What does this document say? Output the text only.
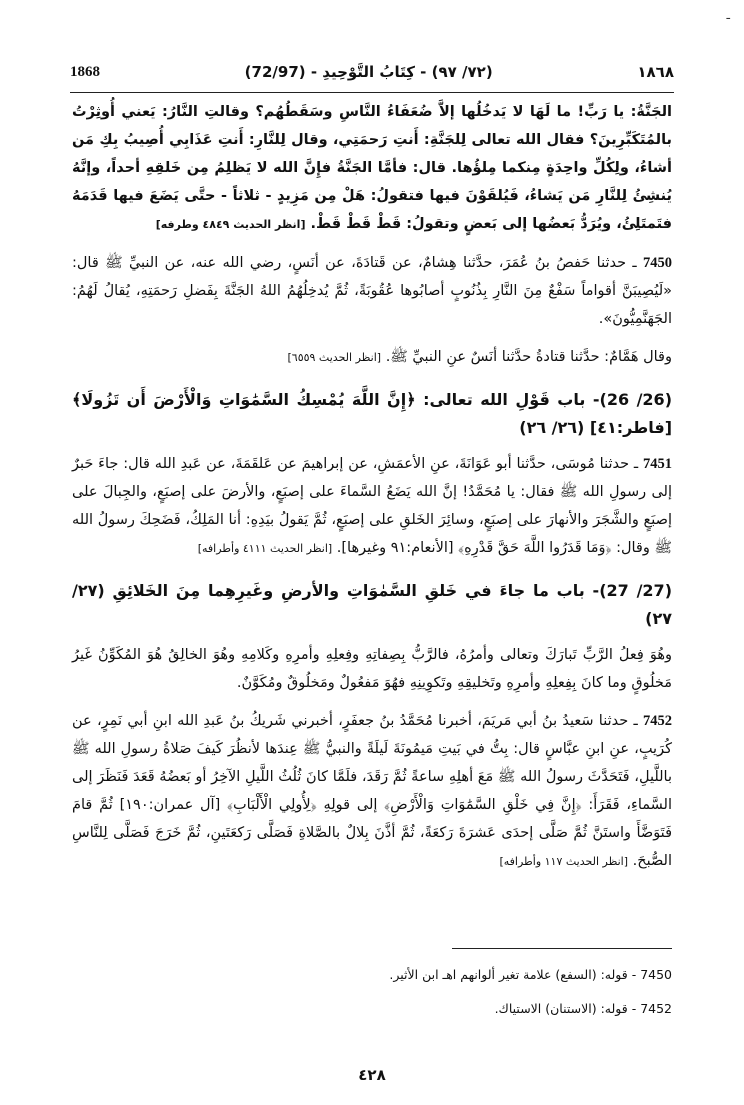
ـ
1868	(٧٢/ ٩٧) - كِتَابُ التَّوْحِيدِ - (72/97)	١٨٦٨

الجَنَّةُ: يا رَبِّ! ما لَهَا لا يَدخُلُها إلاَّ ضُعَفَاءُ النَّاسِ وسَقَطُهُم؟ وقالتِ النَّارُ: يَعني أُوثِرْتُ بالمُتَكَبِّرِينَ؟ فقال الله تعالى لِلجَنَّةِ: أَنتِ رَحمَتِي، وقال لِلنَّارِ: أَنتِ عَذَابِي أُصِيبُ بِكِ مَن أشاءُ، ولِكُلِّ واحِدَةٍ مِنكما مِلؤُها. قال: فأمَّا الجَنَّةُ فإِنَّ الله لا يَظلِمُ مِن خَلقِهِ أحداً، وإنَّهُ يُنشِئُ لِلنَّارِ مَن يَشاءُ، فَيُلقَوْنَ فيها فتقولُ: هَلْ مِن مَزِيدٍ - ثلاثاً - حتَّى يَضَعَ فيها قَدَمَهُ فتَمتَلِئُ، ويُرَدُّ بَعضُها إلى بَعضٍ وتقولُ: قَطْ قَطْ قَطْ. [انظر الحديث ٤٨٤٩ وطرفه]

7450 ـ حدثنا حَفصُ بنُ عُمَرَ، حدَّثنا هِشامٌ، عن قَتادَةَ، عن أنَسٍ، رضي الله عنه، عن النبيِّ ﷺ قال: «لَيُصِيبَنَّ أقواماً سَفْعٌ مِنَ النَّارِ بِذُنُوبٍ أصابُوها عُقُوبَةً، ثُمَّ يُدخِلُهُمُ اللهُ الجَنَّةَ بِفَضلِ رَحمَتِهِ، يُقالُ لَهُمُ: الجَهَنَّمِيُّونَ».

وقال هَمَّامٌ: حدَّثنا قتادةُ حدَّثنا أنَسٌ عنِ النبيِّ ﷺ. [انظر الحديث ٦٥٥٩]

(26/ 26)- باب قَوْلِ الله تعالى: ﴿إِنَّ اللَّهَ يُمْسِكُ السَّمَٰوَاتِ وَالْأَرْضَ أَن تَزُولَا﴾ [فاطر:٤١] (٢٦/ ٢٦)

7451 ـ حدثنا مُوسَى، حدَّثنا أبو عَوَانَةَ، عنِ الأعمَشِ، عن إبراهيمَ عن عَلقَمَةَ، عن عَبدِ الله قال: جاءَ حَبرٌ إلى رسولِ الله ﷺ فقال: يا مُحَمَّدُ! إنَّ الله يَضَعُ السَّماءَ على إصبَعٍ، والأرضَ على إصبَعٍ، والجِبالَ على إصبَعٍ والشَّجَرَ والأنهارَ على إصبَعٍ، وسائِرَ الخَلقِ على إصبَعٍ، ثُمَّ يَقولُ بيَدِهِ: أنا المَلِكُ، فَضَحِكَ رسولُ الله ﷺ وقال: ﴿وَمَا قَدَرُوا اللَّهَ حَقَّ قَدْرِهِ﴾ [الأنعام:٩١ وغيرها]. [انظر الحديث ٤١١١ وأطرافه]

(27/ 27)- باب ما جاءَ في خَلقِ السَّمٰوَاتِ والأرضِ وغَيرِهِما مِنَ الخَلائِقِ (٢٧/ ٢٧)

وهُوَ فِعلُ الرَّبِّ تَبارَكَ وتعالى وأمرُهُ، فالرَّبُّ بِصِفاتِهِ وفِعلِهِ وأمرِهِ وكَلامِهِ وهُوَ الخالِقُ هُوَ المُكَوِّنُ غَيرُ مَخلُوقٍ وما كانَ بِفِعلِهِ وأمرِهِ وتَخليقِهِ وتَكوِينِهِ فهُوَ مَفعُولٌ ومَخلُوقٌ ومُكَوَّنٌ.

7452 ـ حدثنا سَعيدُ بنُ أبي مَريَمَ، أخبرنا مُحَمَّدُ بنُ جعفَرٍ، أخبرني شَريكُ بنُ عَبدِ الله ابنِ أبي نَمِرٍ، عن كُرَيبٍ، عنِ ابنِ عبَّاسٍ قال: بِتُّ في بَيتِ مَيمُونَةَ لَيلَةً والنبيُّ ﷺ عِندَها لأنظُرَ كَيفَ صَلاةُ رسولِ الله ﷺ باللَّيلِ، فَتَحَدَّثَ رسولُ الله ﷺ مَعَ أهلِهِ ساعةً ثُمَّ رَقَدَ، فلَمَّا كانَ ثُلُثُ اللَّيلِ الآخِرُ أو بَعضُهُ قَعَدَ فَنَظَرَ إلى السَّماءِ، فَقَرَأَ: ﴿إِنَّ فِي خَلْقِ السَّمَٰوَاتِ وَالْأَرْضِ﴾ إلى قولِهِ ﴿لِأُولِي الْأَلْبَابِ﴾ [آل عمران:١٩٠] ثُمَّ قامَ فَتَوَضَّأَ واستَنَّ ثُمَّ صَلَّى إحدَى عَشرَةَ رَكعَةً، ثُمَّ أذَّنَ بِلالٌ بالصَّلاةِ فَصَلَّى رَكعَتَينِ، ثُمَّ خَرَجَ فَصَلَّى لِلنَّاسِ الصُّبحَ. [انظر الحديث ١١٧ وأطرافه]

7450 - قوله: (السفع) علامة تغير ألوانهم اهـ ابن الأثير.
7452 - قوله: (الاستنان) الاستياك.
٤٢٨
